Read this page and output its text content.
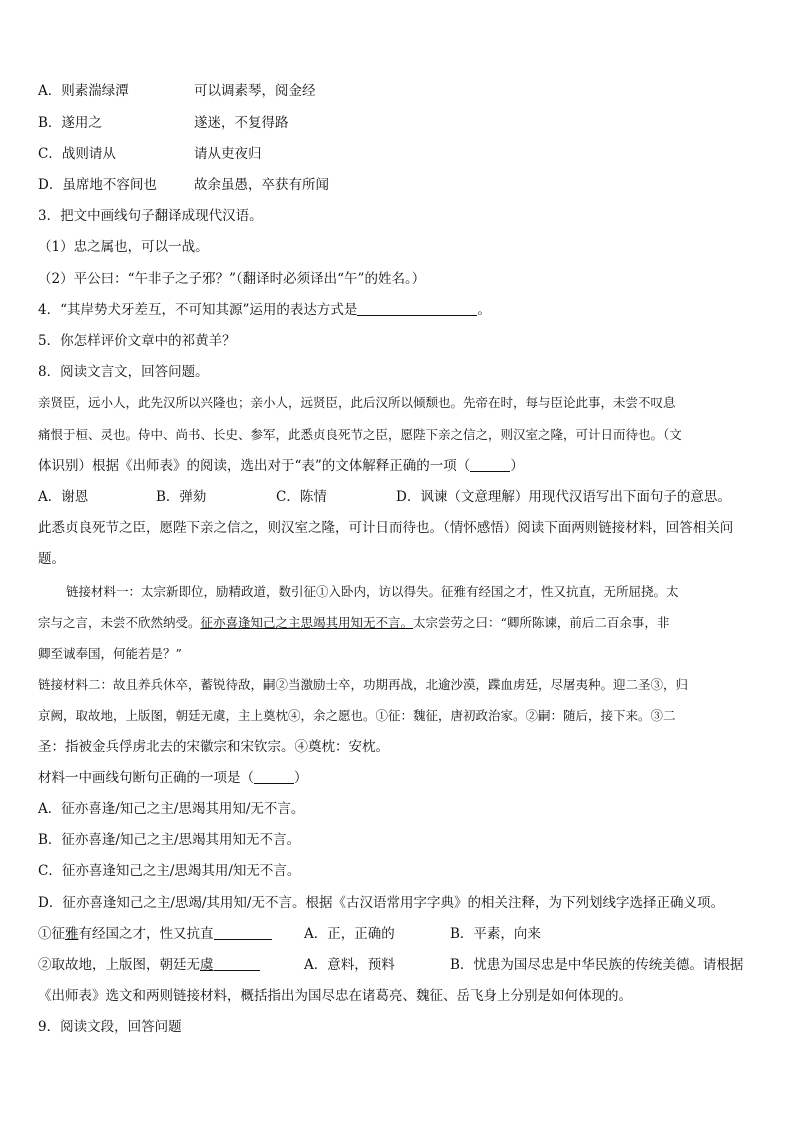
A．则素湍绿潭	可以调素琴，阅金经
B．遂用之	遂迷，不复得路
C．战则请从	请从吏夜归
D．虽席地不容间也	故余虽愚，卒获有所闻
3．把文中画线句子翻译成现代汉语。
（1）忠之属也，可以一战。
（2）平公曰：“午非子之子邪？”（翻译时必须译出“午”的姓名。）
4．“其岸势犬牙差互，不可知其源”运用的表达方式是	。
5．你怎样评价文章中的祁黄羊？
8．阅读文言文，回答问题。
亲贤臣，远小人，此先汉所以兴隆也；亲小人，远贤臣，此后汉所以倾颓也。先帝在时，每与臣论此事，未尝不叹息
痛恨于桓、灵也。侍中、尚书、长史、参军，此悉贞良死节之臣，愿陛下亲之信之，则汉室之隆，可计日而待也。（文
体识别）根据《出师表》的阅读，选出对于“表”的文体解释正确的一项（	）
A．谢恩	B．弹劾	C．陈情	D．讽谏（文意理解）用现代汉语写出下面句子的意思。
此悉贞良死节之臣，愿陛下亲之信之，则汉室之隆，可计日而待也。（情怀感悟）阅读下面两则链接材料，回答相关问
题。
链接材料一：太宗新即位，励精政道，数引征①入卧内，访以得失。征雅有经国之才，性又抗直，无所屈挠。太
宗与之言，未尝不欣然纳受。征亦喜逢知己之主思竭其用知无不言。太宗尝劳之曰：“卿所陈谏，前后二百余事，非
卿至诚奉国，何能若是？”
链接材料二：故且养兵休卒，蓄锐待敌，嗣②当激励士卒，功期再战，北逾沙漠，蹀血虏廷，尽屠夷种。迎二圣③，归
京阙，取故地，上版图，朝廷无虞，主上奠枕④，余之愿也。①征：魏征，唐初政治家。②嗣：随后，接下来。③二
圣：指被金兵俘虏北去的宋徽宗和宋钦宗。④奠枕：安枕。
材料一中画线句断句正确的一项是（	）
A．征亦喜逢/知己之主/思竭其用知/无不言。
B．征亦喜逢/知己之主/思竭其用知无不言。
C．征亦喜逢知己之主/思竭其用/知无不言。
D．征亦喜逢知己之主/思竭/其用知/无不言。根据《古汉语常用字字典》的相关注释，为下列划线字选择正确义项。
①征雅有经国之才，性又抗直	A．正，正确的	B．平素，向来
②取故地，上版图，朝廷无虞	A．意料，预料	B．忧患为国尽忠是中华民族的传统美德。请根据
《出师表》选文和两则链接材料，概括指出为国尽忠在诸葛亮、魏征、岳飞身上分别是如何体现的。
9．阅读文段，回答问题
